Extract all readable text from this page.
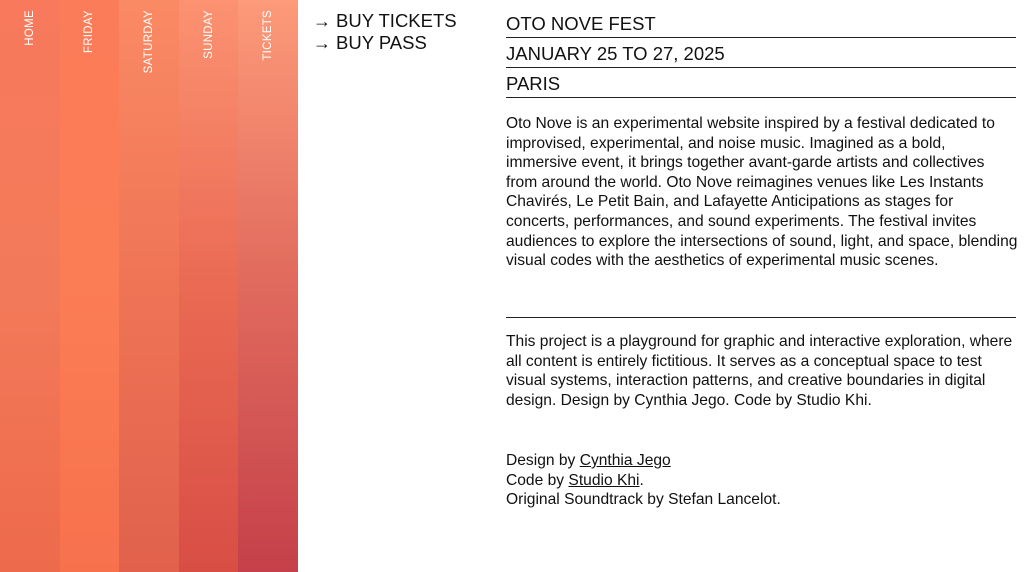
HOME	FRIDAY	SATURDAY	SUNDAY	TICKETS → BUY TICKETS
→ BUY PASS
OTO NOVE FEST
JANUARY 25 TO 27, 2025
PARIS

Oto Nove is an experimental website inspired by a festival dedicated to improvised, experimental, and noise music. Imagined as a bold, immersive event, it brings together avant-garde artists and collectives from around the world. Oto Nove reimagines venues like Les Instants Chavirés, Le Petit Bain, and Lafayette Anticipations as stages for concerts, performances, and sound experiments. The festival invites audiences to explore the intersections of sound, light, and space, blending visual codes with the aesthetics of experimental music scenes.

This project is a playground for graphic and interactive exploration, where all content is entirely fictitious. It serves as a conceptual space to test visual systems, interaction patterns, and creative boundaries in digital design. Design by Cynthia Jego. Code by Studio Khi.

Design by Cynthia Jego
Code by Studio Khi.
Original Soundtrack by Stefan Lancelot.
